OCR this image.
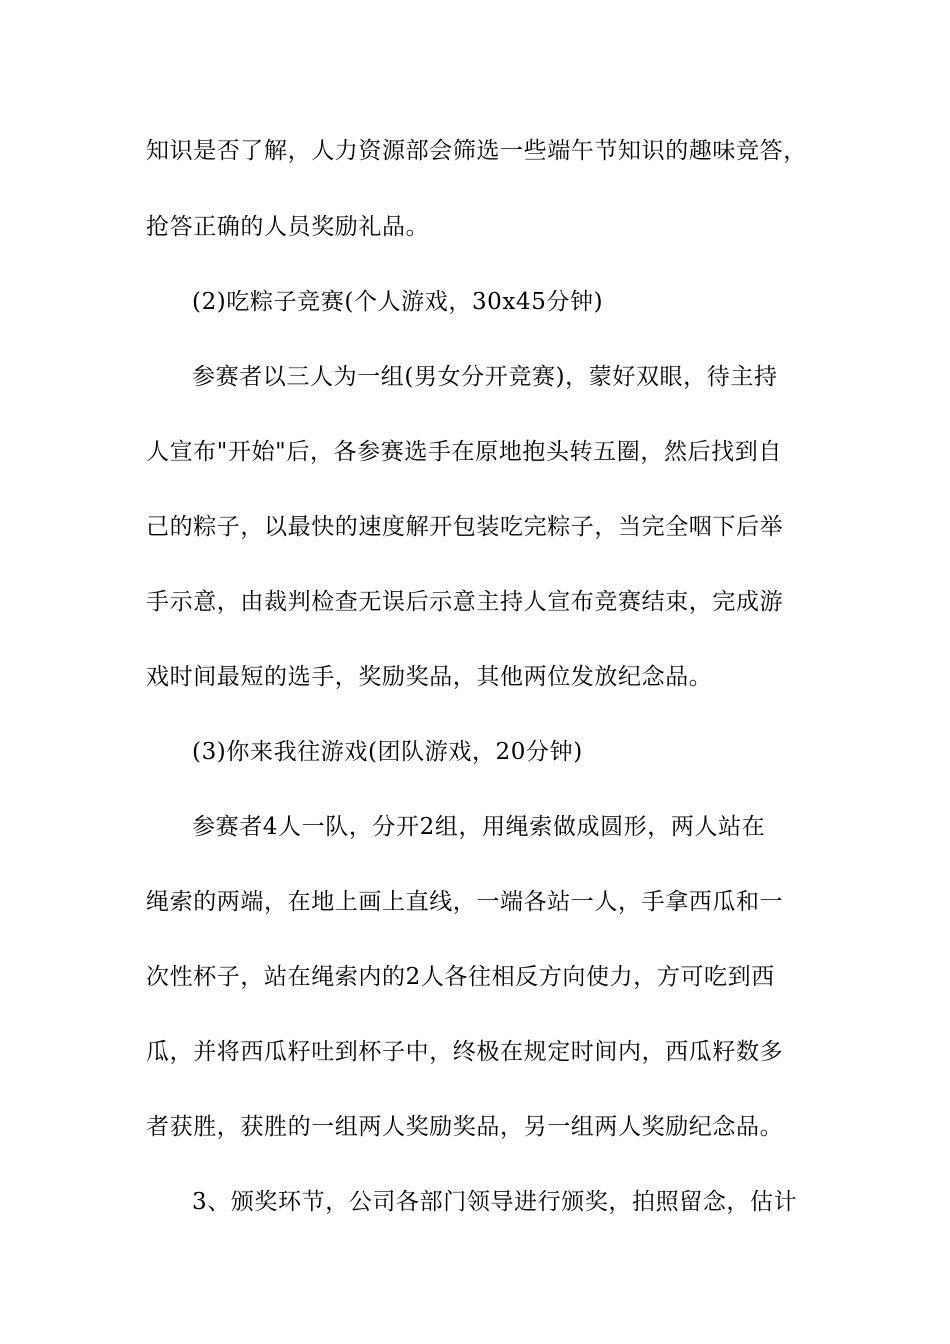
知识是否了解，人力资源部会筛选一些端午节知识的趣味竞答，
抢答正确的人员奖励礼品。
(2)吃粽子竞赛(个人游戏，30x45分钟)
参赛者以三人为一组(男女分开竞赛)，蒙好双眼，待主持
人宣布"开始"后，各参赛选手在原地抱头转五圈，然后找到自
己的粽子，以最快的速度解开包装吃完粽子，当完全咽下后举
手示意，由裁判检查无误后示意主持人宣布竞赛结束，完成游
戏时间最短的选手，奖励奖品，其他两位发放纪念品。
(3)你来我往游戏(团队游戏，20分钟)
参赛者4人一队，分开2组，用绳索做成圆形，两人站在
绳索的两端，在地上画上直线，一端各站一人，手拿西瓜和一
次性杯子，站在绳索内的2人各往相反方向使力，方可吃到西
瓜，并将西瓜籽吐到杯子中，终极在规定时间内，西瓜籽数多
者获胜，获胜的一组两人奖励奖品，另一组两人奖励纪念品。
3、颁奖环节，公司各部门领导进行颁奖，拍照留念，估计
